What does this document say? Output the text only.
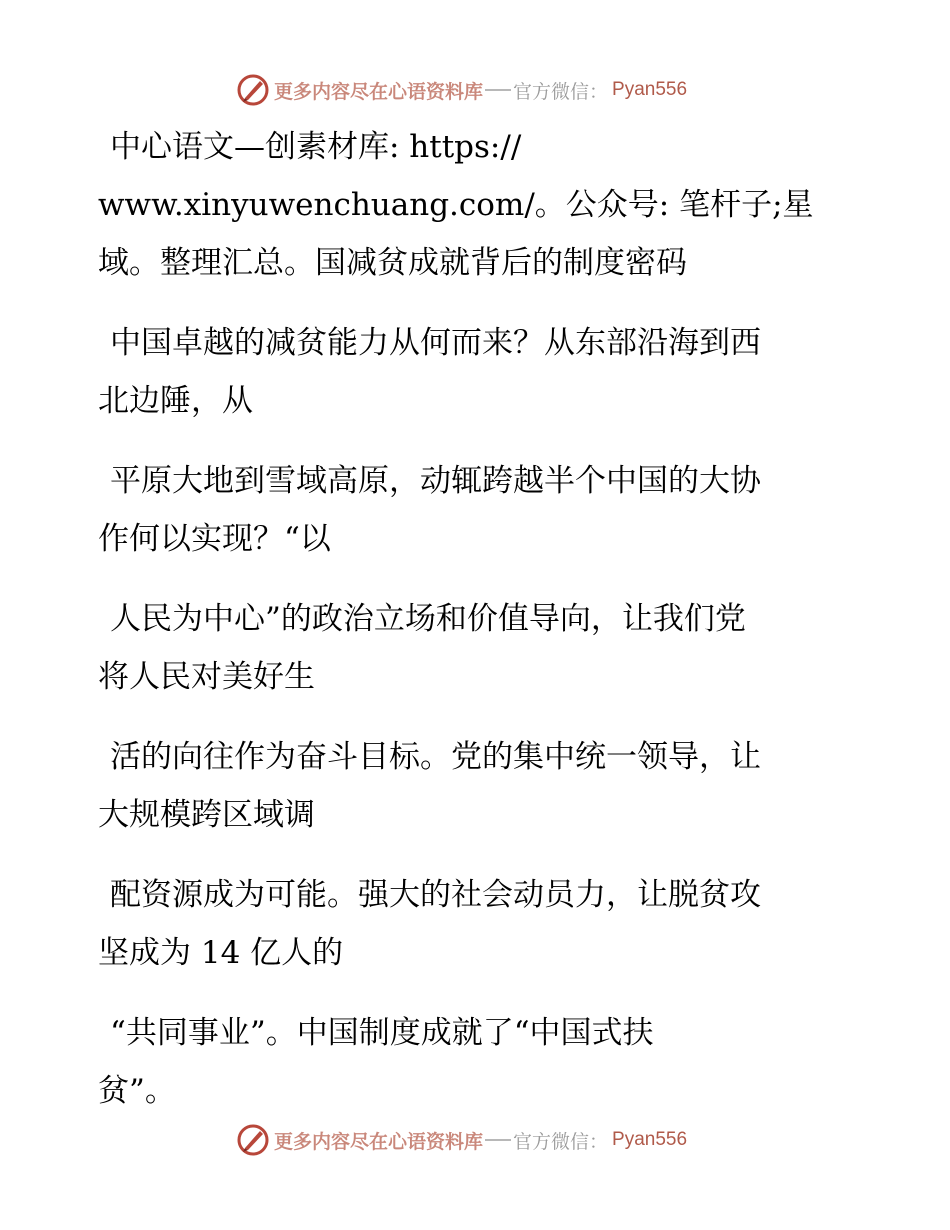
更多内容尽在心语资料库 官方微信： Pyan556
中心语文—创素材库: https://
www.xinyuwenchuang.com/。公众号: 笔杆子;星
域。整理汇总。国减贫成就背后的制度密码
中国卓越的减贫能力从何而来？从东部沿海到西
北边陲，从
平原大地到雪域高原，动辄跨越半个中国的大协
作何以实现？“以
人民为中心”的政治立场和价值导向，让我们党
将人民对美好生
活的向往作为奋斗目标。党的集中统一领导，让
大规模跨区域调
配资源成为可能。强大的社会动员力，让脱贫攻
坚成为 14 亿人的
“共同事业”。中国制度成就了“中国式扶
贫”。
更多内容尽在心语资料库 官方微信： Pyan556
